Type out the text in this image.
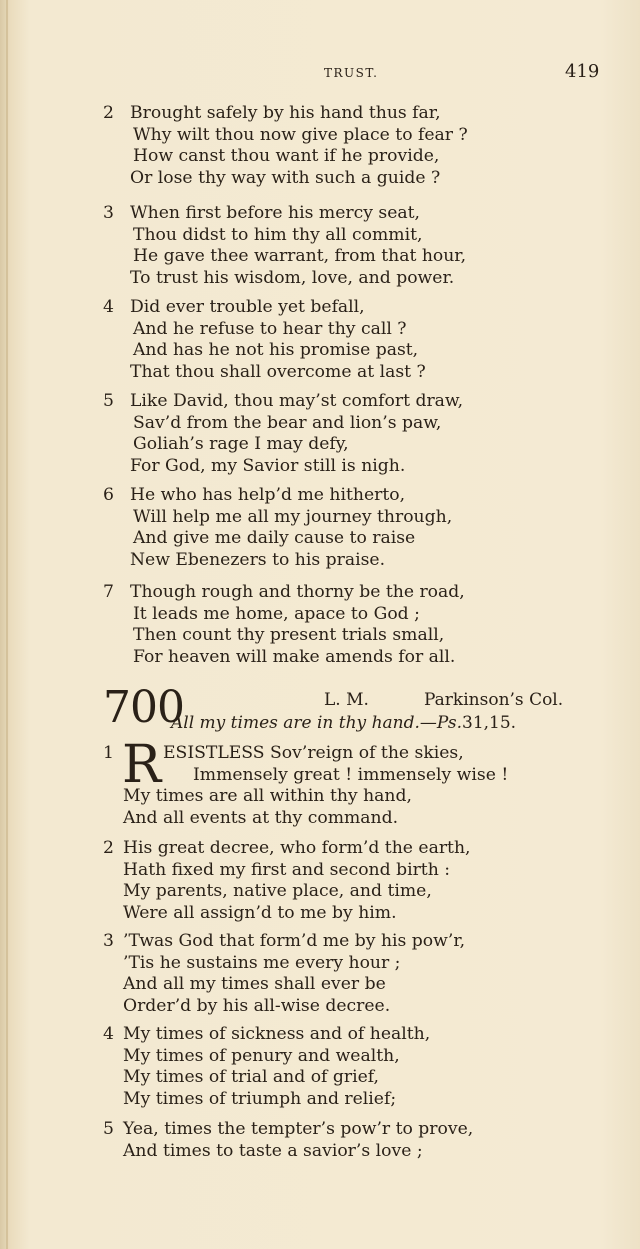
TRUST.	419
2 Brought safely by his hand thus far,
Why wilt thou now give place to fear ?
How canst thou want if he provide,
Or lose thy way with such a guide ?
3 When first before his mercy seat,
Thou didst to him thy all commit,
He gave thee warrant, from that hour,
To trust his wisdom, love, and power.
4 Did ever trouble yet befall,
And he refuse to hear thy call ?
And has he not his promise past,
That thou shall overcome at last ?
5 Like David, thou may’st comfort draw,
Sav’d from the bear and lion’s paw,
Goliah’s rage I may defy,
For God, my Savior still is nigh.
6 He who has help’d me hitherto,
Will help me all my journey through,
And give me daily cause to raise
New Ebenezers to his praise.
7 Though rough and thorny be the road,
It leads me home, apace to God ;
Then count thy present trials small,
For heaven will make amends for all.
700	L. M.	Parkinson’s Col.
All my times are in thy hand.—Ps.31,15.
1 R ESISTLESS Sov’reign of the skies,
Immensely great ! immensely wise !
My times are all within thy hand,
And all events at thy command.
2 His great decree, who form’d the earth,
Hath fixed my first and second birth :
My parents, native place, and time,
Were all assign’d to me by him.
3 ’Twas God that form’d me by his pow’r,
’Tis he sustains me every hour ;
And all my times shall ever be
Order’d by his all-wise decree.
4 My times of sickness and of health,
My times of penury and wealth,
My times of trial and of grief,
My times of triumph and relief;
5 Yea, times the tempter’s pow’r to prove,
And times to taste a savior’s love ;
